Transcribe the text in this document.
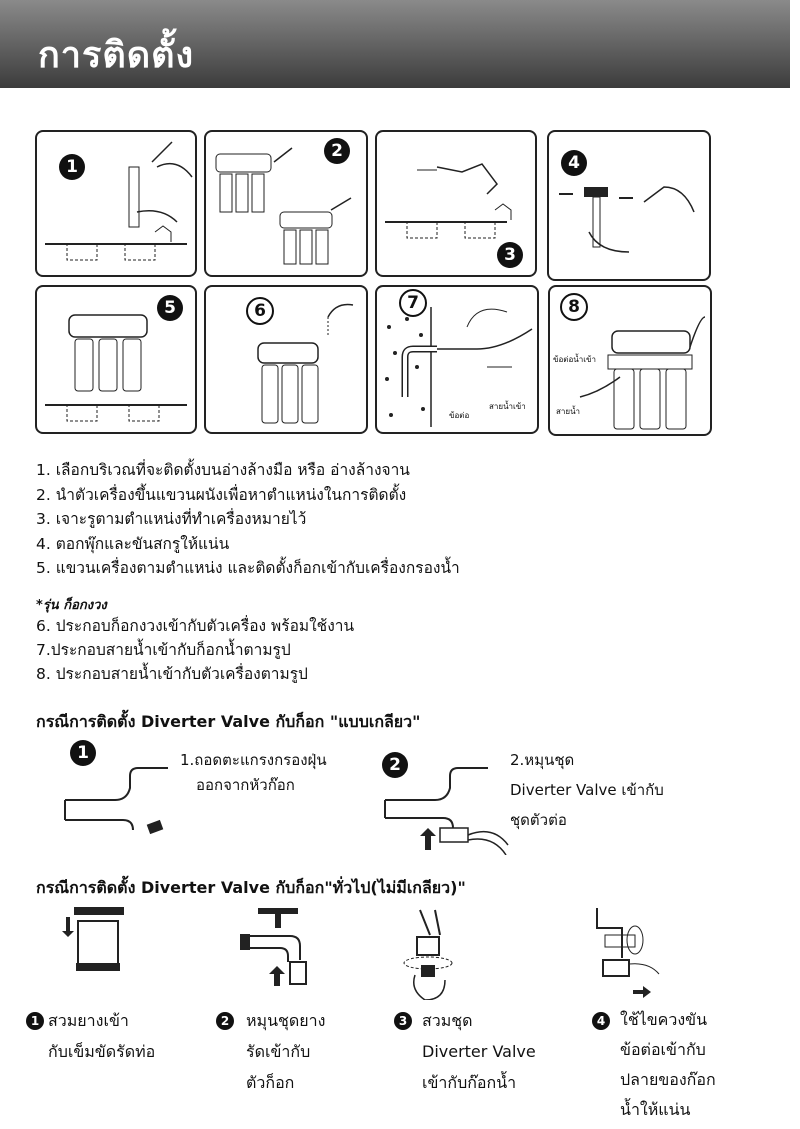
การติดตั้ง
1
2
3
4
5	6	7
ข้อต่อ
สายน้ำเข้า
8
ข้อต่อน้ำเข้า
สายน้ำ
1. เลือกบริเวณที่จะติดตั้งบนอ่างล้างมือ หรือ อ่างล้างจาน
2. นำตัวเครื่องขึ้นแขวนผนังเพื่อหาตำแหน่งในการติดตั้ง
3. เจาะรูตามตำแหน่งที่ทำเครื่องหมายไว้
4. ตอกพุ๊กและขันสกรูให้แน่น
5. แขวนเครื่องตามตำแหน่ง และติดตั้งก็อกเข้ากับเครื่องกรองน้ำ
*รุ่น ก็อกงวง
6. ประกอบก็อกงวงเข้ากับตัวเครื่อง พร้อมใช้งาน
7.ประกอบสายน้ำเข้ากับก็อกน้ำตามรูป
8. ประกอบสายน้ำเข้ากับตัวเครื่องตามรูป
กรณีการติดตั้ง Diverter Valve กับก็อก "แบบเกลียว"
1	1.ถอดตะแกรงกรองฝุ่น
ออกจากหัวก๊อก
2	2.หมุนชุด
Diverter Valve เข้ากับ
ชุดตัวต่อ
กรณีการติดตั้ง Diverter Valve กับก็อก"ทั่วไป(ไม่มีเกลียว)"
1 สวมยางเข้า
กับเข็มขัดรัดท่อ
2	หมุนชุดยาง
รัดเข้ากับ
ตัวก็อก
3 สวมชุด
Diverter Valve
เข้ากับก๊อกน้ำ
4 ใช้ไขควงขัน
ข้อต่อเข้ากับ
ปลายของก๊อก
น้ำให้แน่น
